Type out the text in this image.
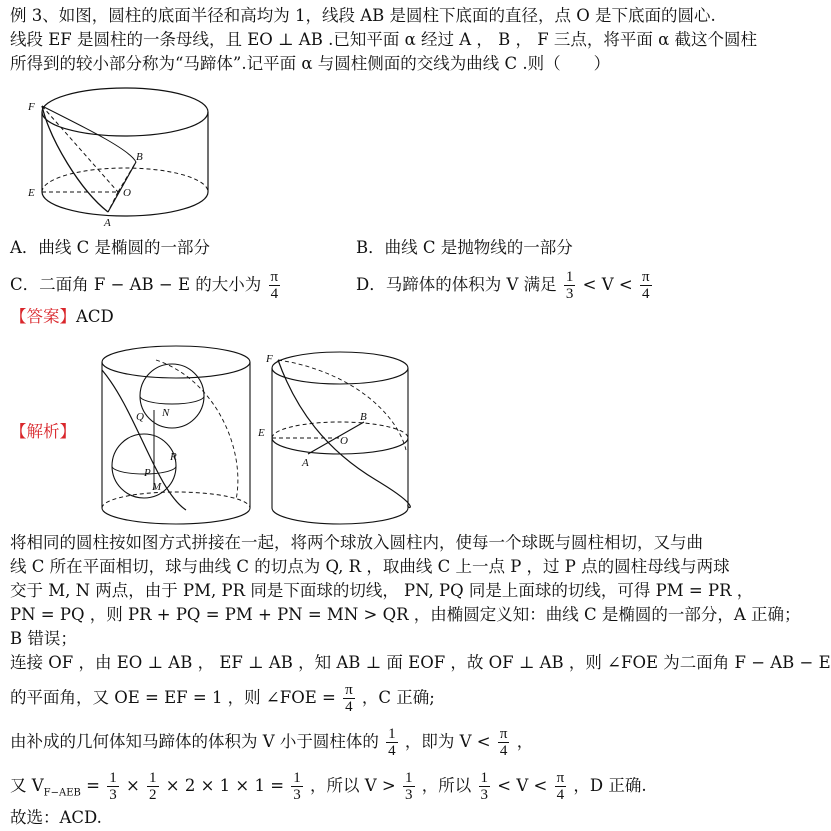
例 3、如图，圆柱的底面半径和高均为 1，线段 AB 是圆柱下底面的直径，点 O 是下底面的圆心.
线段 EF 是圆柱的一条母线，且 EO ⊥ AB .已知平面 α 经过 A ， B ， F 三点，将平面 α 截这个圆柱
所得到的较小部分称为“马蹄体”.记平面 α 与圆柱侧面的交线为曲线 C .则（　　）
F
B
E	O
A
A．曲线 C 是椭圆的一部分	B．曲线 C 是抛物线的一部分
C．二面角 F − AB − E 的大小为 $\frac{\pi}{4}$	D．马蹄体的体积为 V 满足 $\frac{1}{3} < V < \frac{\pi}{4}$
【答案】ACD
【解析】
Q N
R
P
M
F
B
E
O
A
将相同的圆柱按如图方式拼接在一起，将两个球放入圆柱内，使每一个球既与圆柱相切，又与曲
线 C 所在平面相切，球与曲线 C 的切点为 Q, R ，取曲线 C 上一点 P ，过 P 点的圆柱母线与两球
交于 M, N 两点，由于 PM, PR 同是下面球的切线， PN, PQ 同是上面球的切线，可得 PM = PR ，
PN = PQ ，则 PR + PQ = PM + PN = MN > QR ，由椭圆定义知：曲线 C 是椭圆的一部分，A 正确；
B 错误；
连接 OF ，由 EO ⊥ AB ， EF ⊥ AB ，知 AB ⊥ 面 EOF ，故 OF ⊥ AB ，则 ∠FOE 为二面角 F − AB − E
的平面角，又 OE = EF = 1 ，则 ∠FOE = $\frac{\pi}{4}$ ，C 正确;
由补成的几何体知马蹄体的体积为 V 小于圆柱体的 $\frac{1}{4}$ ，即为 $V < \frac{\pi}{4}$ ，
又 $V_{F-AEB} = \frac{1}{3} \times \frac{1}{2} \times 2 \times 1 \times 1 = \frac{1}{3}$ ，所以 $V > \frac{1}{3}$ ，所以 $\frac{1}{3} < V < \frac{\pi}{4}$ ，D 正确.
故选：ACD.
